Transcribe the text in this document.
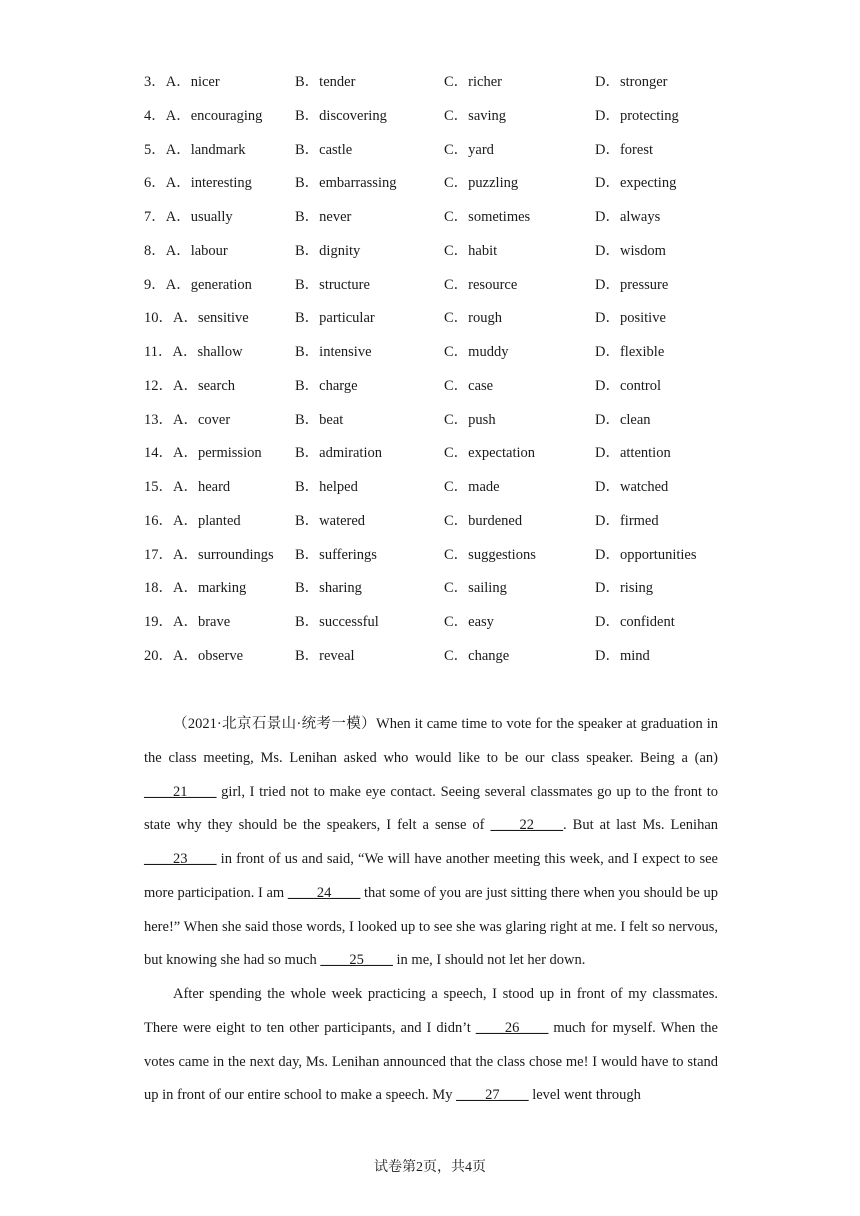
3．A．nicer	B．tender	C．richer	D．stronger
4．A．encouraging B．discovering	C．saving	D．protecting
5．A．landmark	B．castle	C．yard	D．forest
6．A．interesting	B．embarrassing	C．puzzling	D．expecting
7．A．usually	B．never	C．sometimes	D．always
8．A．labour	B．dignity	C．habit	D．wisdom
9．A．generation	B．structure	C．resource	D．pressure
10．A．sensitive	B．particular	C．rough	D．positive
11．A．shallow	B．intensive	C．muddy	D．flexible
12．A．search	B．charge	C．case	D．control
13．A．cover	B．beat	C．push	D．clean
14．A．permission B．admiration	C．expectation	D．attention
15．A．heard	B．helped	C．made	D．watched
16．A．planted	B．watered	C．burdened	D．firmed
17．A．surroundings B．sufferings	C．suggestions	D．opportunities
18．A．marking	B．sharing	C．sailing	D．rising
19．A．brave	B．successful	C．easy	D．confident
20．A．observe	B．reveal	C．change	D．mind

（2021·北京石景山·统考一模）When it came time to vote for the speaker at graduation in the class meeting, Ms. Lenihan asked who would like to be our class speaker. Being a (an) ____21____ girl, I tried not to make eye contact. Seeing several classmates go up to the front to state why they should be the speakers, I felt a sense of ____22____. But at last Ms. Lenihan ____23____ in front of us and said, “We will have another meeting this week, and I expect to see more participation. I am ____24____ that some of you are just sitting there when you should be up here!” When she said those words, I looked up to see she was glaring right at me. I felt so nervous, but knowing she had so much ____25____ in me, I should not let her down.

After spending the whole week practicing a speech, I stood up in front of my classmates. There were eight to ten other participants, and I didn’t ____26____ much for myself. When the votes came in the next day, Ms. Lenihan announced that the class chose me! I would have to stand up in front of our entire school to make a speech. My ____27____ level went through

试卷第2页，共4页
